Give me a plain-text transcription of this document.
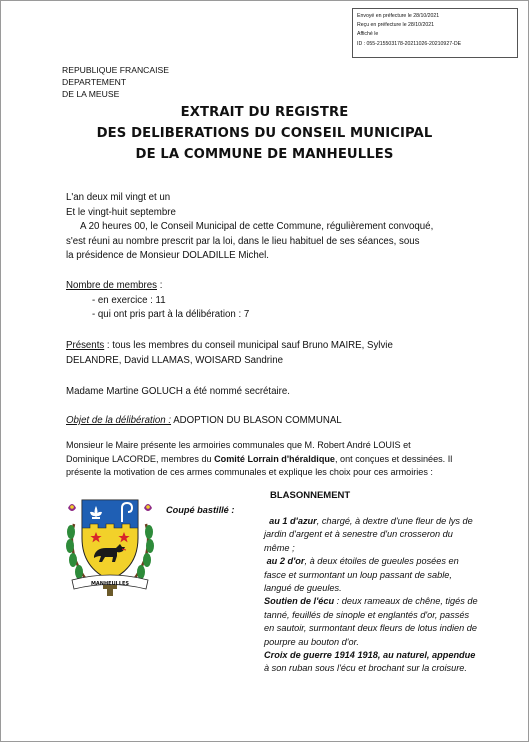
Envoyé en préfecture le 28/10/2021
Reçu en préfecture le 28/10/2021
Affiché le
ID : 055-215503178-20211026-20210927-DE
REPUBLIQUE FRANCAISE
DEPARTEMENT
DE LA MEUSE
EXTRAIT DU REGISTRE
DES DELIBERATIONS DU CONSEIL MUNICIPAL
DE LA COMMUNE DE MANHEULLES
L'an deux mil vingt et un
Et le vingt-huit septembre
A 20 heures 00, le Conseil Municipal de cette Commune, régulièrement convoqué,
s'est réuni au nombre prescrit par la loi, dans le lieu habituel de ses séances, sous
la présidence de Monsieur DOLADILLE Michel.
Nombre de membres :
- en exercice : 11
- qui ont pris part à la délibération : 7
Présents : tous les membres du conseil municipal sauf Bruno MAIRE, Sylvie
DELANDRE, David LLAMAS, WOISARD Sandrine
Madame Martine GOLUCH a été nommé secrétaire.
Objet de la délibération : ADOPTION DU BLASON COMMUNAL
Monsieur le Maire présente les armoiries communales que M. Robert André LOUIS et
Dominique LACORDE, membres du Comité Lorrain d'héraldique, ont conçues et dessinées. Il
présente la motivation de ces armes communales et explique les choix pour ces armoiries :
MANHEULLES
BLASONNEMENT
Coupé bastillé :
au 1 d'azur, chargé, à dextre d'une fleur de lys de jardin d'argent et à senestre d'un crosseron du même ;
au 2 d'or, à deux étoiles de gueules posées en fasce et surmontant un loup passant de sable, langué de gueules.
Soutien de l'écu : deux rameaux de chêne, tigés de tanné, feuillés de sinople et englantés d'or, passés en sautoir, surmontant deux fleurs de lotus indien de pourpre au bouton d'or.
Croix de guerre 1914 1918, au naturel, appendue à son ruban sous l'écu et brochant sur la croisure.
